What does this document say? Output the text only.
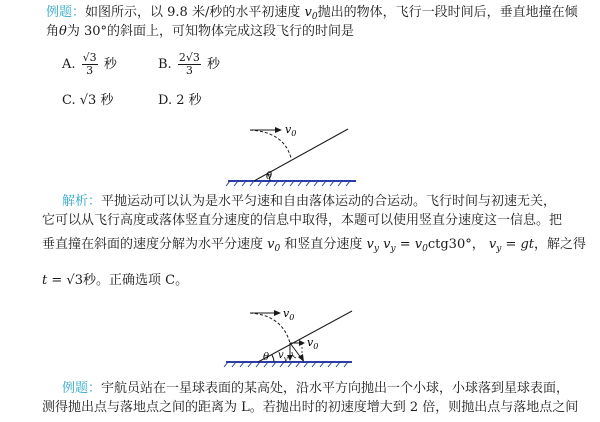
例题：如图所示，以 9.8 米/秒的水平初速度 $v_0$抛出的物体，飞行一段时间后，垂直地撞在倾
角θ为 30°的斜面上，可知物体完成这段飞行的时间是
A. $\frac{√3}{3}$ 秒	B. $\frac{2√3}{3}$ 秒
C. √3 秒	D. 2 秒
θ
$v_0$
解析：平抛运动可以认为是水平匀速和自由落体运动的合运动。飞行时间与初速无关，
它可以从飞行高度或落体竖直分速度的信息中取得，本题可以使用竖直分速度这一信息。把
垂直撞在斜面的速度分解为水平分速度 $v_0$ 和竖直分速度 $v_y$ $v_y = v_0ctg30^\circ$， $v_y$ = gt，解之得
t = √3秒。正确选项 C。
θ
$v_0$
$v_0$
$v_y$
例题：宇航员站在一星球表面的某高处，沿水平方向抛出一个小球，小球落到星球表面，
测得抛出点与落地点之间的距离为 L。若抛出时的初速度增大到 2 倍，则抛出点与落地点之间
